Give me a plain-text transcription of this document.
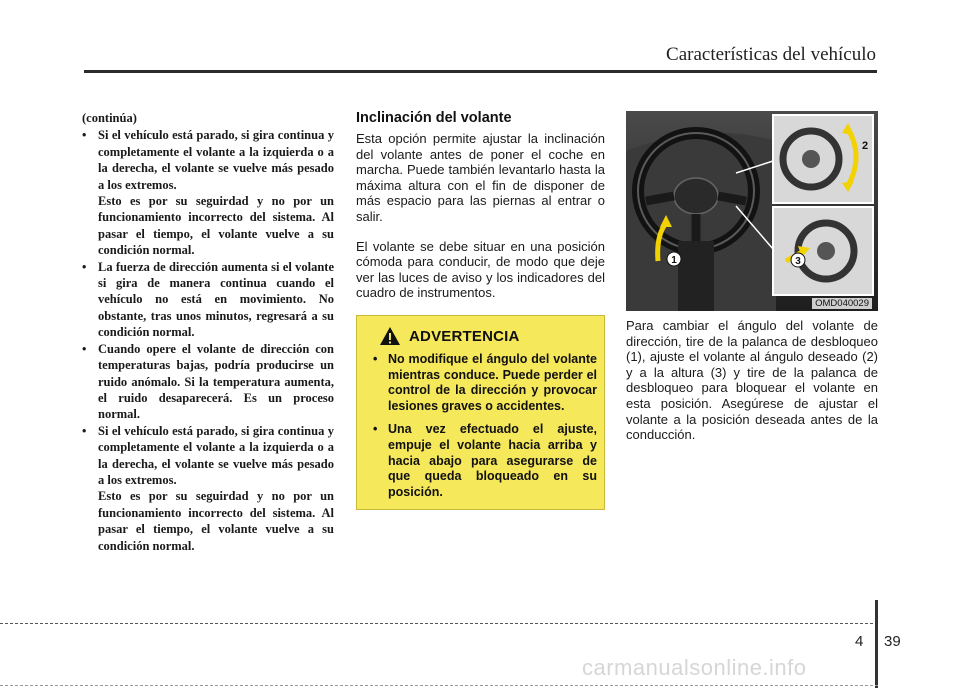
Características del vehículo

(continúa)

• Si el vehículo está parado, si gira continua y completamente el volante a la izquierda o a la derecha, el volante se vuelve más pesado a los extremos.

Esto es por su seguirdad y no por un funcionamiento incorrecto del sistema. Al pasar el tiempo, el volante vuelve a su condición normal.

• La fuerza de dirección aumenta si el volante si gira de manera continua cuando el vehículo no está en movimiento. No obstante, tras unos minutos, regresará a su condición normal.

• Cuando opere el volante de dirección con temperaturas bajas, podría producirse un ruido anómalo. Si la temperatura aumenta, el ruido desaparecerá. Es un proceso normal.

• Si el vehículo está parado, si gira continua y completamente el volante a la izquierda o a la derecha, el volante se vuelve más pesado a los extremos.

Esto es por su seguirdad y no por un funcionamiento incorrecto del sistema. Al pasar el tiempo, el volante vuelve a su condición normal.

Inclinación del volante

Esta opción permite ajustar la inclinación del volante antes de poner el coche en marcha. Puede también levantarlo hasta la máxima altura con el fin de disponer de más espacio para las piernas al entrar o salir.

El volante se debe situar en una posición cómoda para conducir, de modo que deje ver las luces de aviso y los indicadores del cuadro de instrumentos.

ADVERTENCIA
• No modifique el ángulo del volante mientras conduce. Puede perder el control de la dirección y provocar lesiones graves o accidentes.
• Una vez efectuado el ajuste, empuje el volante hacia arriba y hacia abajo para asegurarse de que queda bloqueado en su posición.
1
2
3
OMD040029

Para cambiar el ángulo del volante de dirección, tire de la palanca de desbloqueo (1), ajuste el volante al ángulo deseado (2) y a la altura (3) y tire de la palanca de desbloqueo para bloquear el volante en esta posición. Asegúrese de ajustar el volante a la posición deseada antes de la conducción.

4 39
carmanualsonline.info
